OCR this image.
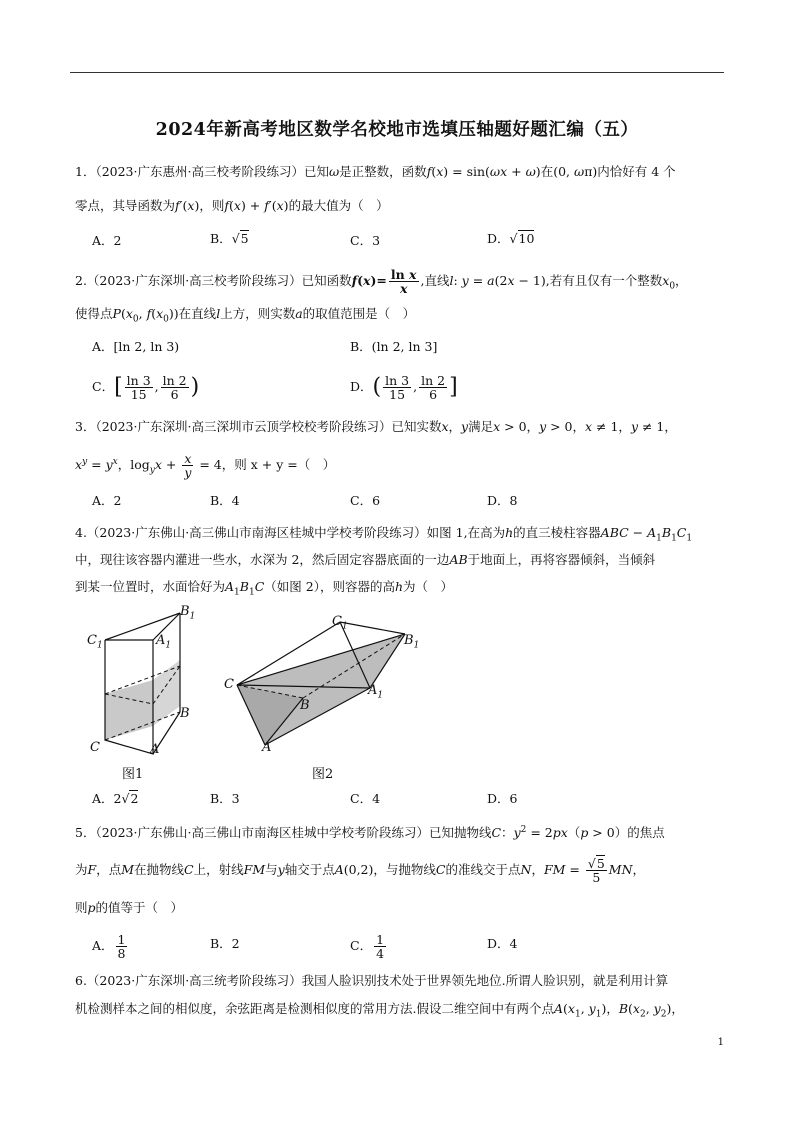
2024年新高考地区数学名校地市选填压轴题好题汇编（五）
1．（2023·广东惠州·高三校考阶段练习）已知ω是正整数，函数f(x) = sin(ωx + ω)在(0, ωπ)内恰好有 4 个
零点，其导函数为f′(x)，则f(x) + f′(x)的最大值为（　）
A．2	B．√5	C．3	D．√10
2.（2023·广东深圳·高三校考阶段练习）已知函数$f(x)= \frac{\text{ln x}}{x}$ ,直线l: y = a(2x − 1),若有且仅有一个整数$x_0$，
使得点$P(x_0$, $f(x_0)$)在直线l上方，则实数a的取值范围是（　）
A．[ln 2, ln 3)	B．(ln 2, ln 3]
C．[ $\frac{\ln 3}{15}$ , $\frac{\ln 2}{6}$ )	D．( $\frac{\ln 3}{15}$ , $\frac{\ln 2}{6}$ ]
3．（2023·广东深圳·高三深圳市云顶学校校考阶段练习）已知实数x，y满足x > 0，y > 0，x ≠ 1，y ≠ 1，
$x^y = y^x$，$\log_yx + \frac{x}{y} = 4$，则 x + y =（　）
A．2	B．4	C．6	D．8
4.（2023·广东佛山·高三佛山市南海区桂城中学校考阶段练习）如图 1,在高为h的直三棱柱容器ABC − $A_1B_1C_1$
中，现往该容器内灌进一些水，水深为 2，然后固定容器底面的一边AB于地面上，再将容器倾斜，当倾斜
到某一位置时，水面恰好为$A_1B_1C$（如图 2），则容器的高h为（　）
$C_1$	$A_1$
$B_1$
B
C	A
图1
$C_1$
$B_1$
$A_1$
C
B
A
图2
A．2√2	B．3	C．4	D．6
5．（2023·广东佛山·高三佛山市南海区桂城中学校考阶段练习）已知抛物线C：$y^2 = 2px(p > 0)$的焦点
为F，点M在抛物线C上，射线FM与y轴交于点A(0,2)，与抛物线C的准线交于点N，FM = $\frac{√5}{5}$ MN，
则p的值等于（　）
A． $\frac{1}{8}$	B．2	C． $\frac{1}{4}$	D．4
6.（2023·广东深圳·高三统考阶段练习）我国人脸识别技术处于世界领先地位.所谓人脸识别，就是利用计算
机检测样本之间的相似度，余弦距离是检测相似度的常用方法.假设二维空间中有两个点$A(x_1$, $y_1$)，$B(x_2$, $y_2$)，
1
